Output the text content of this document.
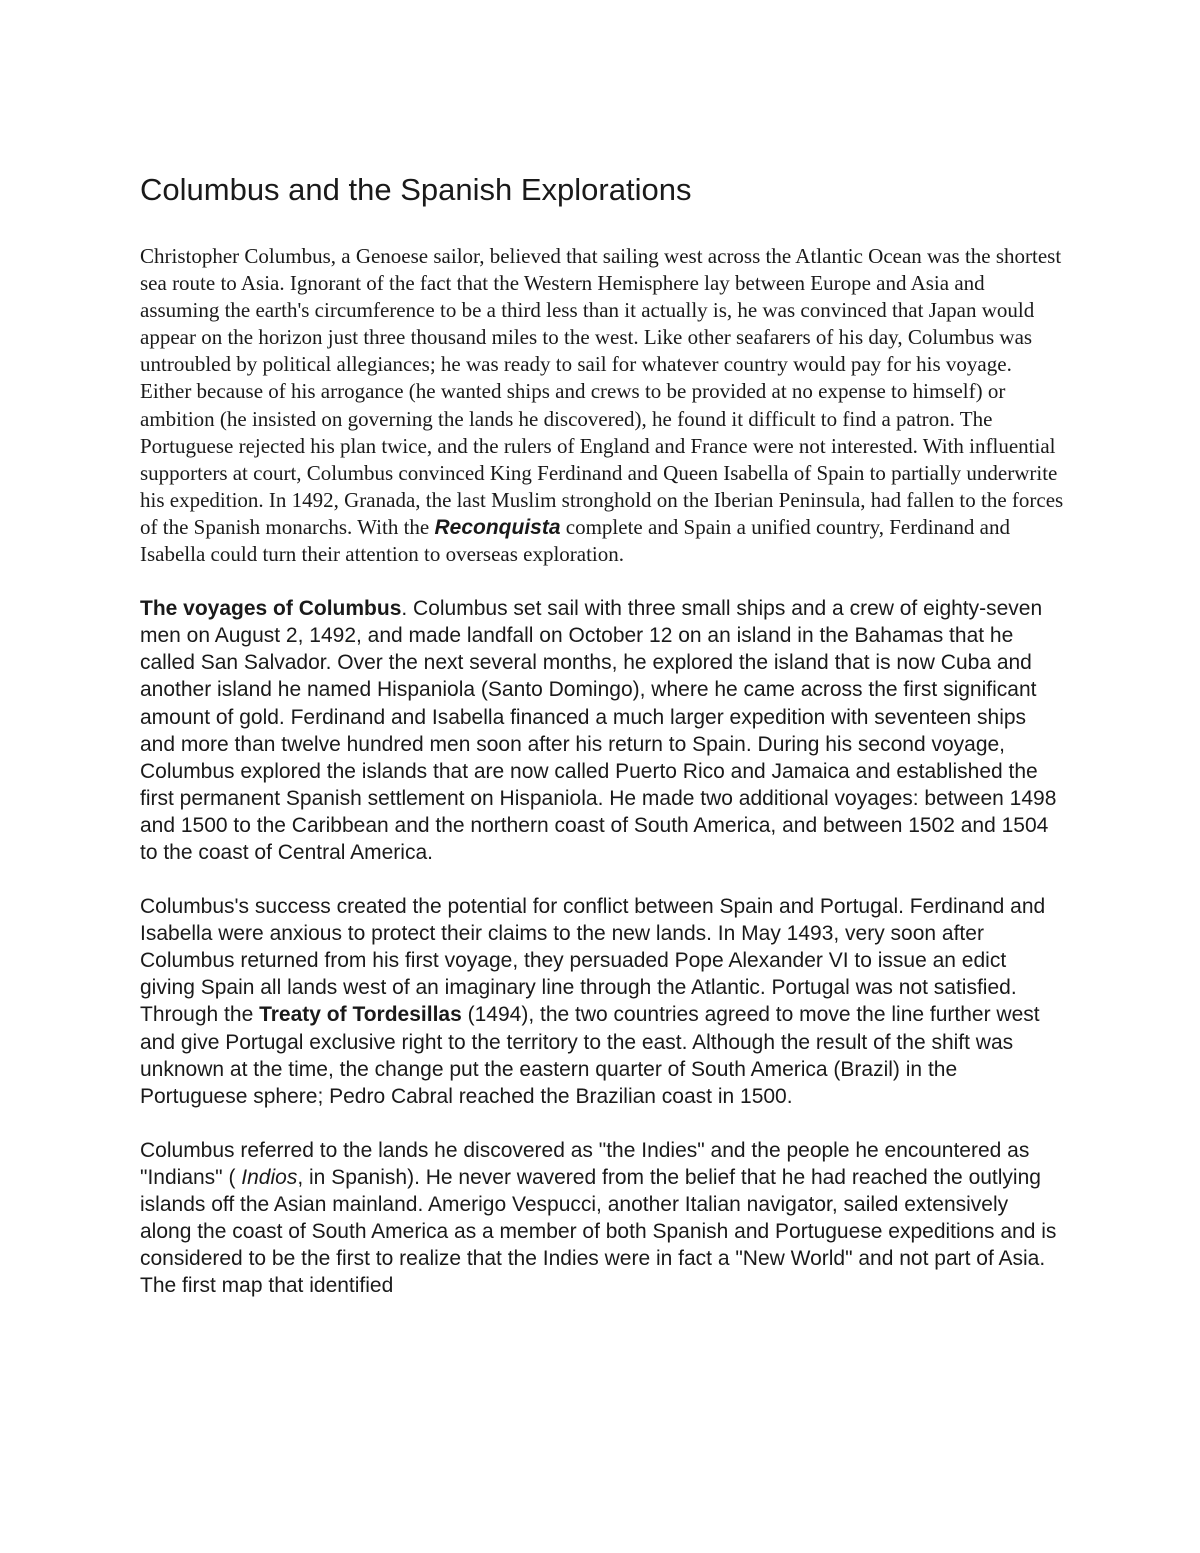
Columbus and the Spanish Explorations

Christopher Columbus, a Genoese sailor, believed that sailing west across the Atlantic Ocean was the shortest sea route to Asia. Ignorant of the fact that the Western Hemisphere lay between Europe and Asia and assuming the earth's circumference to be a third less than it actually is, he was convinced that Japan would appear on the horizon just three thousand miles to the west. Like other seafarers of his day, Columbus was untroubled by political allegiances; he was ready to sail for whatever country would pay for his voyage. Either because of his arrogance (he wanted ships and crews to be provided at no expense to himself) or ambition (he insisted on governing the lands he discovered), he found it difficult to find a patron. The Portuguese rejected his plan twice, and the rulers of England and France were not interested. With influential supporters at court, Columbus convinced King Ferdinand and Queen Isabella of Spain to partially underwrite his expedition. In 1492, Granada, the last Muslim stronghold on the Iberian Peninsula, had fallen to the forces of the Spanish monarchs. With the Reconquista complete and Spain a unified country, Ferdinand and Isabella could turn their attention to overseas exploration.

The voyages of Columbus. Columbus set sail with three small ships and a crew of eighty-seven men on August 2, 1492, and made landfall on October 12 on an island in the Bahamas that he called San Salvador. Over the next several months, he explored the island that is now Cuba and another island he named Hispaniola (Santo Domingo), where he came across the first significant amount of gold. Ferdinand and Isabella financed a much larger expedition with seventeen ships and more than twelve hundred men soon after his return to Spain. During his second voyage, Columbus explored the islands that are now called Puerto Rico and Jamaica and established the first permanent Spanish settlement on Hispaniola. He made two additional voyages: between 1498 and 1500 to the Caribbean and the northern coast of South America, and between 1502 and 1504 to the coast of Central America.

Columbus's success created the potential for conflict between Spain and Portugal. Ferdinand and Isabella were anxious to protect their claims to the new lands. In May 1493, very soon after Columbus returned from his first voyage, they persuaded Pope Alexander VI to issue an edict giving Spain all lands west of an imaginary line through the Atlantic. Portugal was not satisfied. Through the Treaty of Tordesillas (1494), the two countries agreed to move the line further west and give Portugal exclusive right to the territory to the east. Although the result of the shift was unknown at the time, the change put the eastern quarter of South America (Brazil) in the Portuguese sphere; Pedro Cabral reached the Brazilian coast in 1500.

Columbus referred to the lands he discovered as "the Indies" and the people he encountered as "Indians" ( Indios, in Spanish). He never wavered from the belief that he had reached the outlying islands off the Asian mainland. Amerigo Vespucci, another Italian navigator, sailed extensively along the coast of South America as a member of both Spanish and Portuguese expeditions and is considered to be the first to realize that the Indies were in fact a "New World" and not part of Asia. The first map that identified
